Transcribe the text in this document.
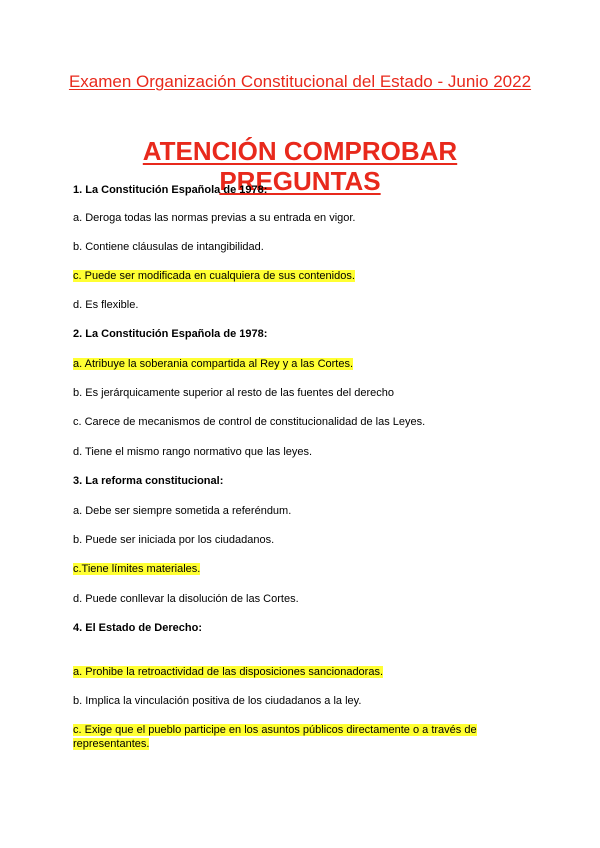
Examen Organización Constitucional del Estado - Junio 2022
ATENCIÓN COMPROBAR PREGUNTAS
1. La Constitución Española de 1978:
a. Deroga todas las normas previas a su entrada en vigor.
b. Contiene cláusulas de intangibilidad.
c. Puede ser modificada en cualquiera de sus contenidos.
d. Es flexible.
2. La Constitución Española de 1978:
a. Atribuye la soberania compartida al Rey y a las Cortes.
b. Es jerárquicamente superior al resto de las fuentes del derecho
c. Carece de mecanismos de control de constitucionalidad de las Leyes.
d. Tiene el mismo rango normativo que las leyes.
3. La reforma constitucional:
a. Debe ser siempre sometida a referéndum.
b. Puede ser iniciada por los ciudadanos.
c.Tiene límites materiales.
d. Puede conllevar la disolución de las Cortes.
4. El Estado de Derecho:
a. Prohibe la retroactividad de las disposiciones sancionadoras.
b. Implica la vinculación positiva de los ciudadanos a la ley.
c. Exige que el pueblo participe en los asuntos públicos directamente o a través de representantes.
